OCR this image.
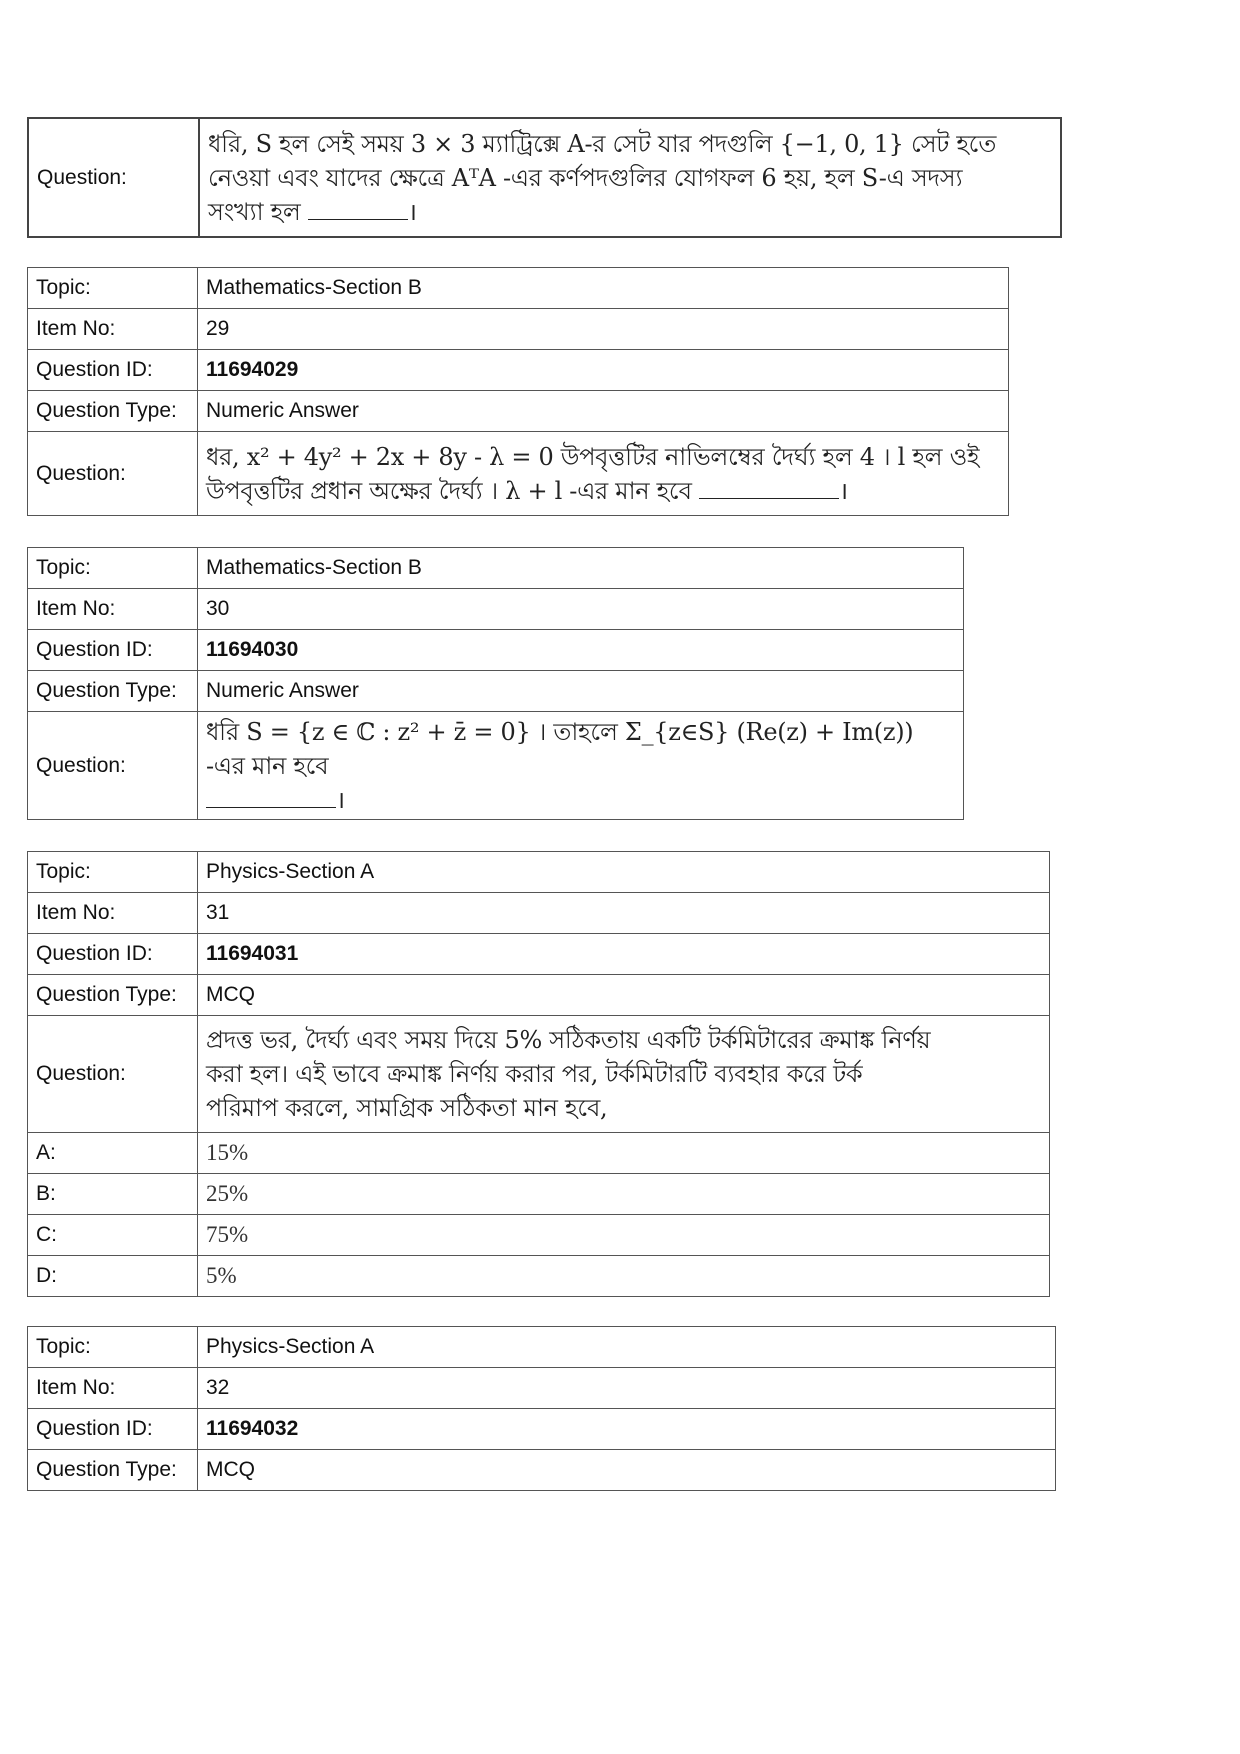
Question:	
ধরি, S হল সেই সময় 3 × 3 ম্যাট্রিক্সে A-র সেট যার পদগুলি {−1, 0, 1} সেট হতে
নেওয়া এবং যাদের ক্ষেত্রে AᵀA -এর কর্ণপদগুলির যোগফল 6 হয়, হল S-এ সদস্য
সংখ্যা হল	।
Topic:	Mathematics-Section B
Item No:	29
Question ID:	11694029
Question Type:	Numeric Answer
Question:	ধর, x² + 4y² + 2x + 8y - λ = 0 উপবৃত্তটির নাভিলম্বের দৈর্ঘ্য হল 4 । l হল ওই
উপবৃত্তটির প্রধান অক্ষের দৈর্ঘ্য । λ + l -এর মান হবে ।
Topic:	Mathematics-Section B
Item No:	30
Question ID:	11694030
Question Type:	Numeric Answer
Question:	ধরি S = {z ∈ ℂ : z² + z̄ = 0} । তাহলে Σ_{z∈S} (Re(z) + Im(z)) -এর মান হবে
।
Topic:	Physics-Section A
Item No:	31
Question ID:	11694031
Question Type:	MCQ
Question:	প্রদত্ত ভর, দৈর্ঘ্য এবং সময় দিয়ে 5% সঠিকতায় একটি টর্কমিটারের ক্রমাঙ্ক নির্ণয়
করা হল। এই ভাবে ক্রমাঙ্ক নির্ণয় করার পর, টর্কমিটারটি ব্যবহার করে টর্ক
পরিমাপ করলে, সামগ্রিক সঠিকতা মান হবে,

A:	15%
B:	25%
C:	75%
D:	5%
Topic:	Physics-Section A
Item No:	32
Question ID:	11694032
Question Type:	MCQ
